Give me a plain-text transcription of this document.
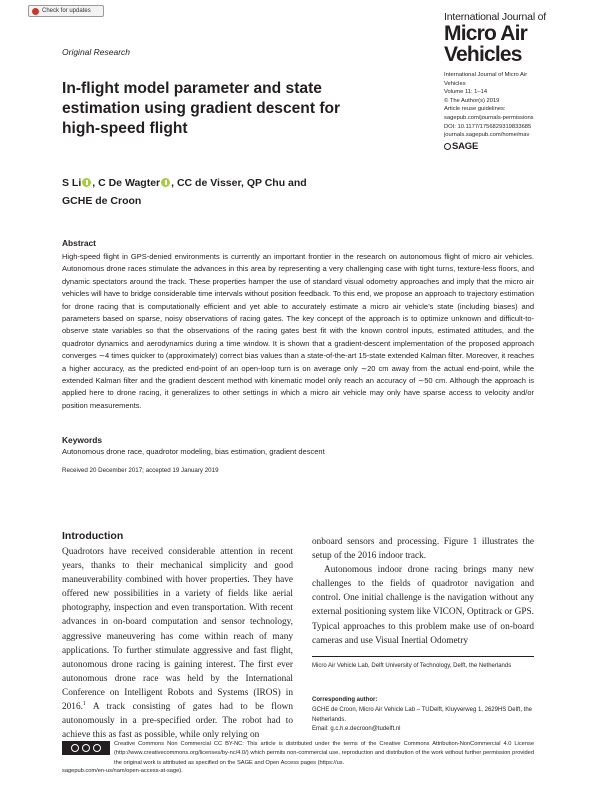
Check for updates	International Journal of
Micro Air
Vehicles
Original Research
In-flight model parameter and state estimation using gradient descent for high-speed flight
International Journal of Micro Air
Vehicles
Volume 11: 1–14
© The Author(s) 2019
Article reuse guidelines:
sagepub.com/journals-permissions
DOI: 10.1177/1756829319833685
journals.sagepub.com/home/mav
SAGE
S Li , C De Wagter , CC de Visser, QP Chu and
GCHE de Croon
Abstract
High-speed flight in GPS-denied environments is currently an important frontier in the research on autonomous flight of micro air vehicles. Autonomous drone races stimulate the advances in this area by representing a very challenging case with tight turns, texture-less floors, and dynamic spectators around the track. These properties hamper the use of standard visual odometry approaches and imply that the micro air vehicles will have to bridge considerable time intervals without position feedback. To this end, we propose an approach to trajectory estimation for drone racing that is computationally efficient and yet able to accurately estimate a micro air vehicle’s state (including biases) and parameters based on sparse, noisy observations of racing gates. The key concept of the approach is to optimize unknown and difficult-to-observe state variables so that the observations of the racing gates best fit with the known control inputs, estimated attitudes, and the quadrotor dynamics and aerodynamics during a time window. It is shown that a gradient-descent implementation of the proposed approach converges ∼4 times quicker to (approximately) correct bias values than a state-of-the-art 15-state extended Kalman filter. Moreover, it reaches a higher accuracy, as the predicted end-point of an open-loop turn is on average only ∼20 cm away from the actual end-point, while the extended Kalman filter and the gradient descent method with kinematic model only reach an accuracy of ∼50 cm. Although the approach is applied here to drone racing, it generalizes to other settings in which a micro air vehicle may only have sparse access to velocity and/or position measurements.
Keywords
Autonomous drone race, quadrotor modeling, bias estimation, gradient descent
Received 20 December 2017; accepted 19 January 2019
Introduction

Quadrotors have received considerable attention in recent years, thanks to their mechanical simplicity and good maneuverability combined with hover properties. They have offered new possibilities in a variety of fields like aerial photography, inspection and even transportation. With recent advances in on-board computation and sensor technology, aggressive maneuvering has come within reach of many applications. To further stimulate aggressive and fast flight, autonomous drone racing is gaining interest. The first ever autonomous drone race was held by the International Conference on Intelligent Robots and Systems (IROS) in 2016.$^1$ A track consisting of gates had to be flown autonomously in a pre-specified order. The robot had to achieve this as fast as possible, while only relying on

onboard sensors and processing. Figure 1 illustrates the setup of the 2016 indoor track.

Autonomous indoor drone racing brings many new challenges to the fields of quadrotor navigation and control. One initial challenge is the navigation without any external positioning system like VICON, Optitrack or GPS. Typical approaches to this problem make use of on-board cameras and use Visual Inertial Odometry

Micro Air Vehicle Lab, Delft University of Technology, Delft, the Netherlands
Corresponding author:
GCHE de Croon, Micro Air Vehicle Lab – TUDelft, Kluyverweg 1, 2629HS Delft, the Netherlands.
Email: g.c.h.e.decroon@tudelft.nl
Creative Commons Non Commercial CC BY-NC: This article is distributed under the terms of the Creative Commons Attribution-NonCommercial 4.0 License (http://www.creativecommons.org/licenses/by-nc/4.0/) which permits non-commercial use, reproduction and distribution of the work without further permission provided the original work is attributed as specified on the SAGE and Open Access pages (https://us.
sagepub.com/en-us/nam/open-access-at-sage).
